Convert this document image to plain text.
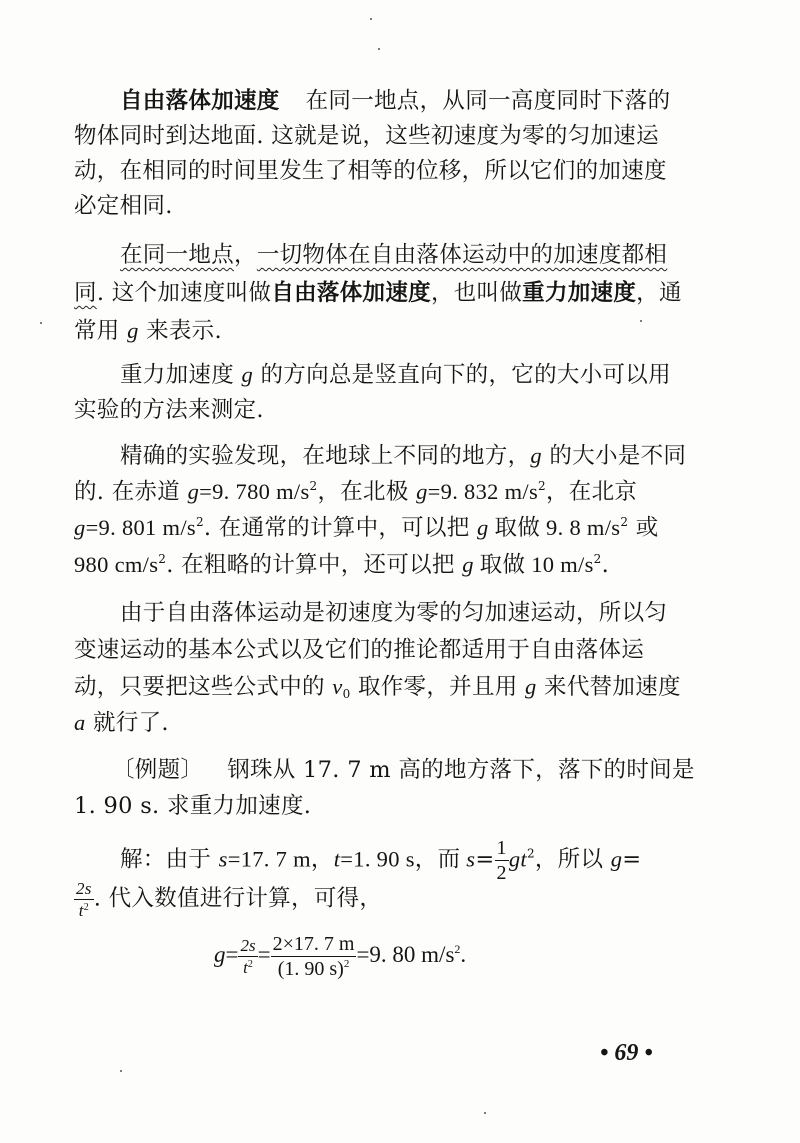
自由落体加速度 在同一地点，从同一高度同时下落的
物体同时到达地面. 这就是说，这些初速度为零的匀加速运
动，在相同的时间里发生了相等的位移，所以它们的加速度
必定相同.
在同一地点，一切物体在自由落体运动中的加速度都相
同. 这个加速度叫做自由落体加速度，也叫做重力加速度，通
常用 g 来表示.
重力加速度 g 的方向总是竖直向下的，它的大小可以用
实验的方法来测定.
精确的实验发现，在地球上不同的地方，g 的大小是不同
的. 在赤道 g=9. 780 $m/s^2$，在北极 g=9. 832 $m/s^2$，在北京
g=9. 801 $m/s^2$. 在通常的计算中，可以把 g 取做 9. 8 $m/s^2$ 或
980 $cm/s^2$. 在粗略的计算中，还可以把 g 取做 10 $m/s^2$.
由于自由落体运动是初速度为零的匀加速运动，所以匀
变速运动的基本公式以及它们的推论都适用于自由落体运
动，只要把这些公式中的 $v_0$ 取作零，并且用 g 来代替加速度
a 就行了.
〔例题〕 钢珠从 17. 7 m 高的地方落下，落下的时间是
1. 90 s. 求重力加速度.
解：由于 s=17. 7 m，t=1. 90 s，而 $s= \frac{1}{2} gt^2$，所以 g=
$\frac{2s}{t^2}$ . 代入数值进行计算，可得，
$g= \frac{2s}{t^2} = \frac{2\times 17. 7 m}{(1. 90 s)^2} =9$. 80 $m/s^2$.
• 69 •
